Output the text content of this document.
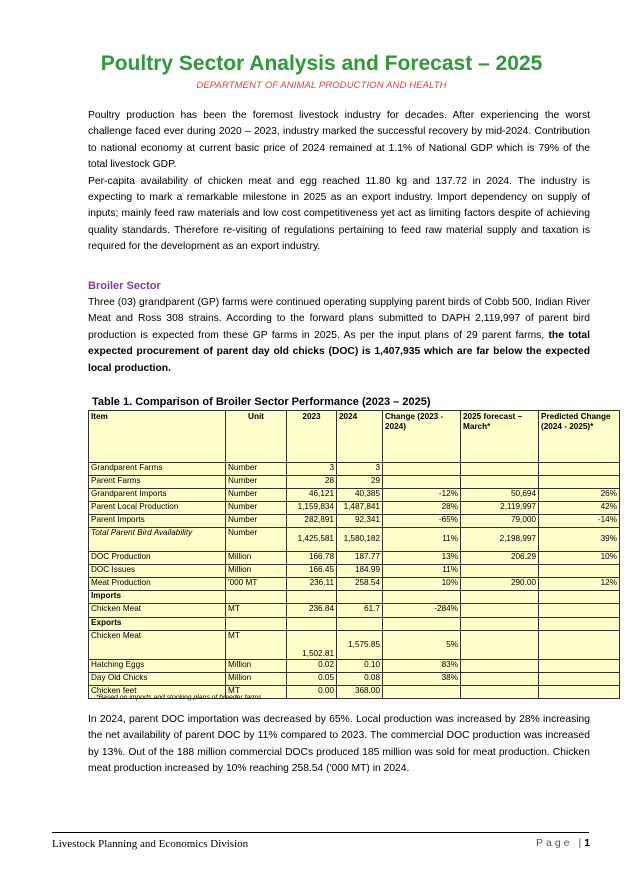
Poultry Sector Analysis and Forecast – 2025
DEPARTMENT OF ANIMAL PRODUCTION AND HEALTH
Poultry production has been the foremost livestock industry for decades. After experiencing the worst challenge faced ever during 2020 – 2023, industry marked the successful recovery by mid-2024. Contribution to national economy at current basic price of 2024 remained at 1.1% of National GDP which is 79% of the total livestock GDP.
Per-capita availability of chicken meat and egg reached 11.80 kg and 137.72 in 2024. The industry is expecting to mark a remarkable milestone in 2025 as an export industry. Import dependency on supply of inputs; mainly feed raw materials and low cost competitiveness yet act as limiting factors despite of achieving quality standards. Therefore re-visiting of regulations pertaining to feed raw material supply and taxation is required for the development as an export industry.
Broiler Sector
Three (03) grandparent (GP) farms were continued operating supplying parent birds of Cobb 500, Indian River Meat and Ross 308 strains. According to the forward plans submitted to DAPH 2,119,997 of parent bird production is expected from these GP farms in 2025. As per the input plans of 29 parent farms, the total expected procurement of parent day old chicks (DOC) is 1,407,935 which are far below the expected local production.
Table 1. Comparison of Broiler Sector Performance (2023 – 2025)
Item	Unit	2023	2024	Change (2023 - 2024)	2025 forecast – March*	Predicted Change (2024 - 2025)*
Grandparent Farms	Number	3	3			
Parent Farms	Number	28	29			
Grandparent Imports	Number	46,121	40,385	-12%	50,694	26%
Parent Local Production	Number	1,159,834	1,487,841	28%	2,119,997	42%
Parent Imports	Number	282,891	92,341	-65%	79,000	-14%
Total Parent Bird Availability	Number	1,425,581	1,580,182	11%	2,198,997	39%
DOC Production	Million	166.78	187.77	13%	206.29	10%
DOC Issues	Million	166.45	184.99	11%		
Meat Production	'000 MT	236.11	258.54	10%	290.00	12%
Imports						
Chicken Meat	MT	236.84	61.7	-284%		
Exports						
Chicken Meat	MT	1,502.81	1,575.85	5%		
Hatching Eggs	Million	0.02	0.10	83%		
Day Old Chicks	Million	0.05	0.08	38%		
Chicken feet	MT	0.00	368.00			
*Based on imports and stocking plans of breeder farms
In 2024, parent DOC importation was decreased by 65%. Local production was increased by 28% increasing the net availability of parent DOC by 11% compared to 2023. The commercial DOC production was increased by 13%. Out of the 188 million commercial DOCs produced 185 million was sold for meat production. Chicken meat production increased by 10% reaching 258.54 ('000 MT) in 2024.
Livestock Planning and Economics Division	Page |1
